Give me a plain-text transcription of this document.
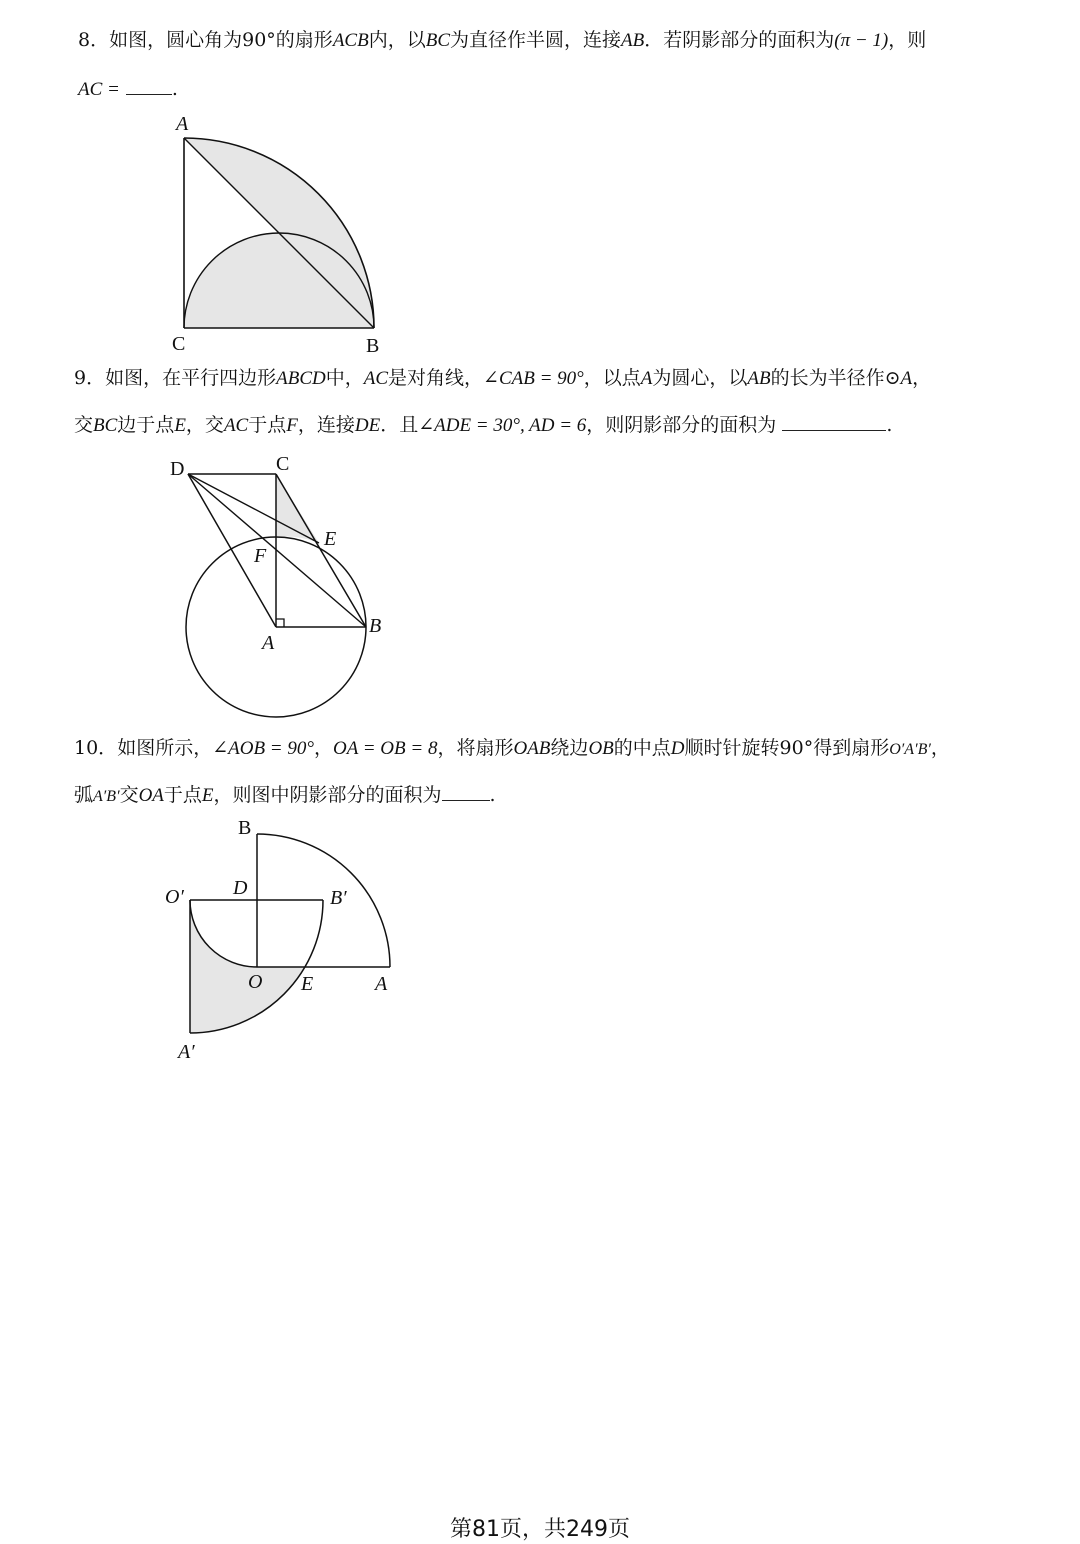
8．如图，圆心角为90°的扇形ACB内，以BC为直径作半圆，连接AB．若阴影部分的面积为(π − 1)，则
AC =	.
A
C	B
9．如图，在平行四边形ABCD中，AC是对角线，∠CAB = 90°，以点A为圆心，以AB的长为半径作⊙A，
交BC边于点E，交AC于点F，连接DE．且∠ADE = 30°, AD = 6，则阴影部分的面积为	.
D	C
E
F
A
B
10．如图所示，∠AOB = 90°，OA = OB = 8，将扇形OAB绕边OB的中点D顺时针旋转90°得到扇形O′A′B′，
弧A′B′交OA于点E，则图中阴影部分的面积为	.
B
O′ D	B′
O E	A
A′
第81页，共249页
